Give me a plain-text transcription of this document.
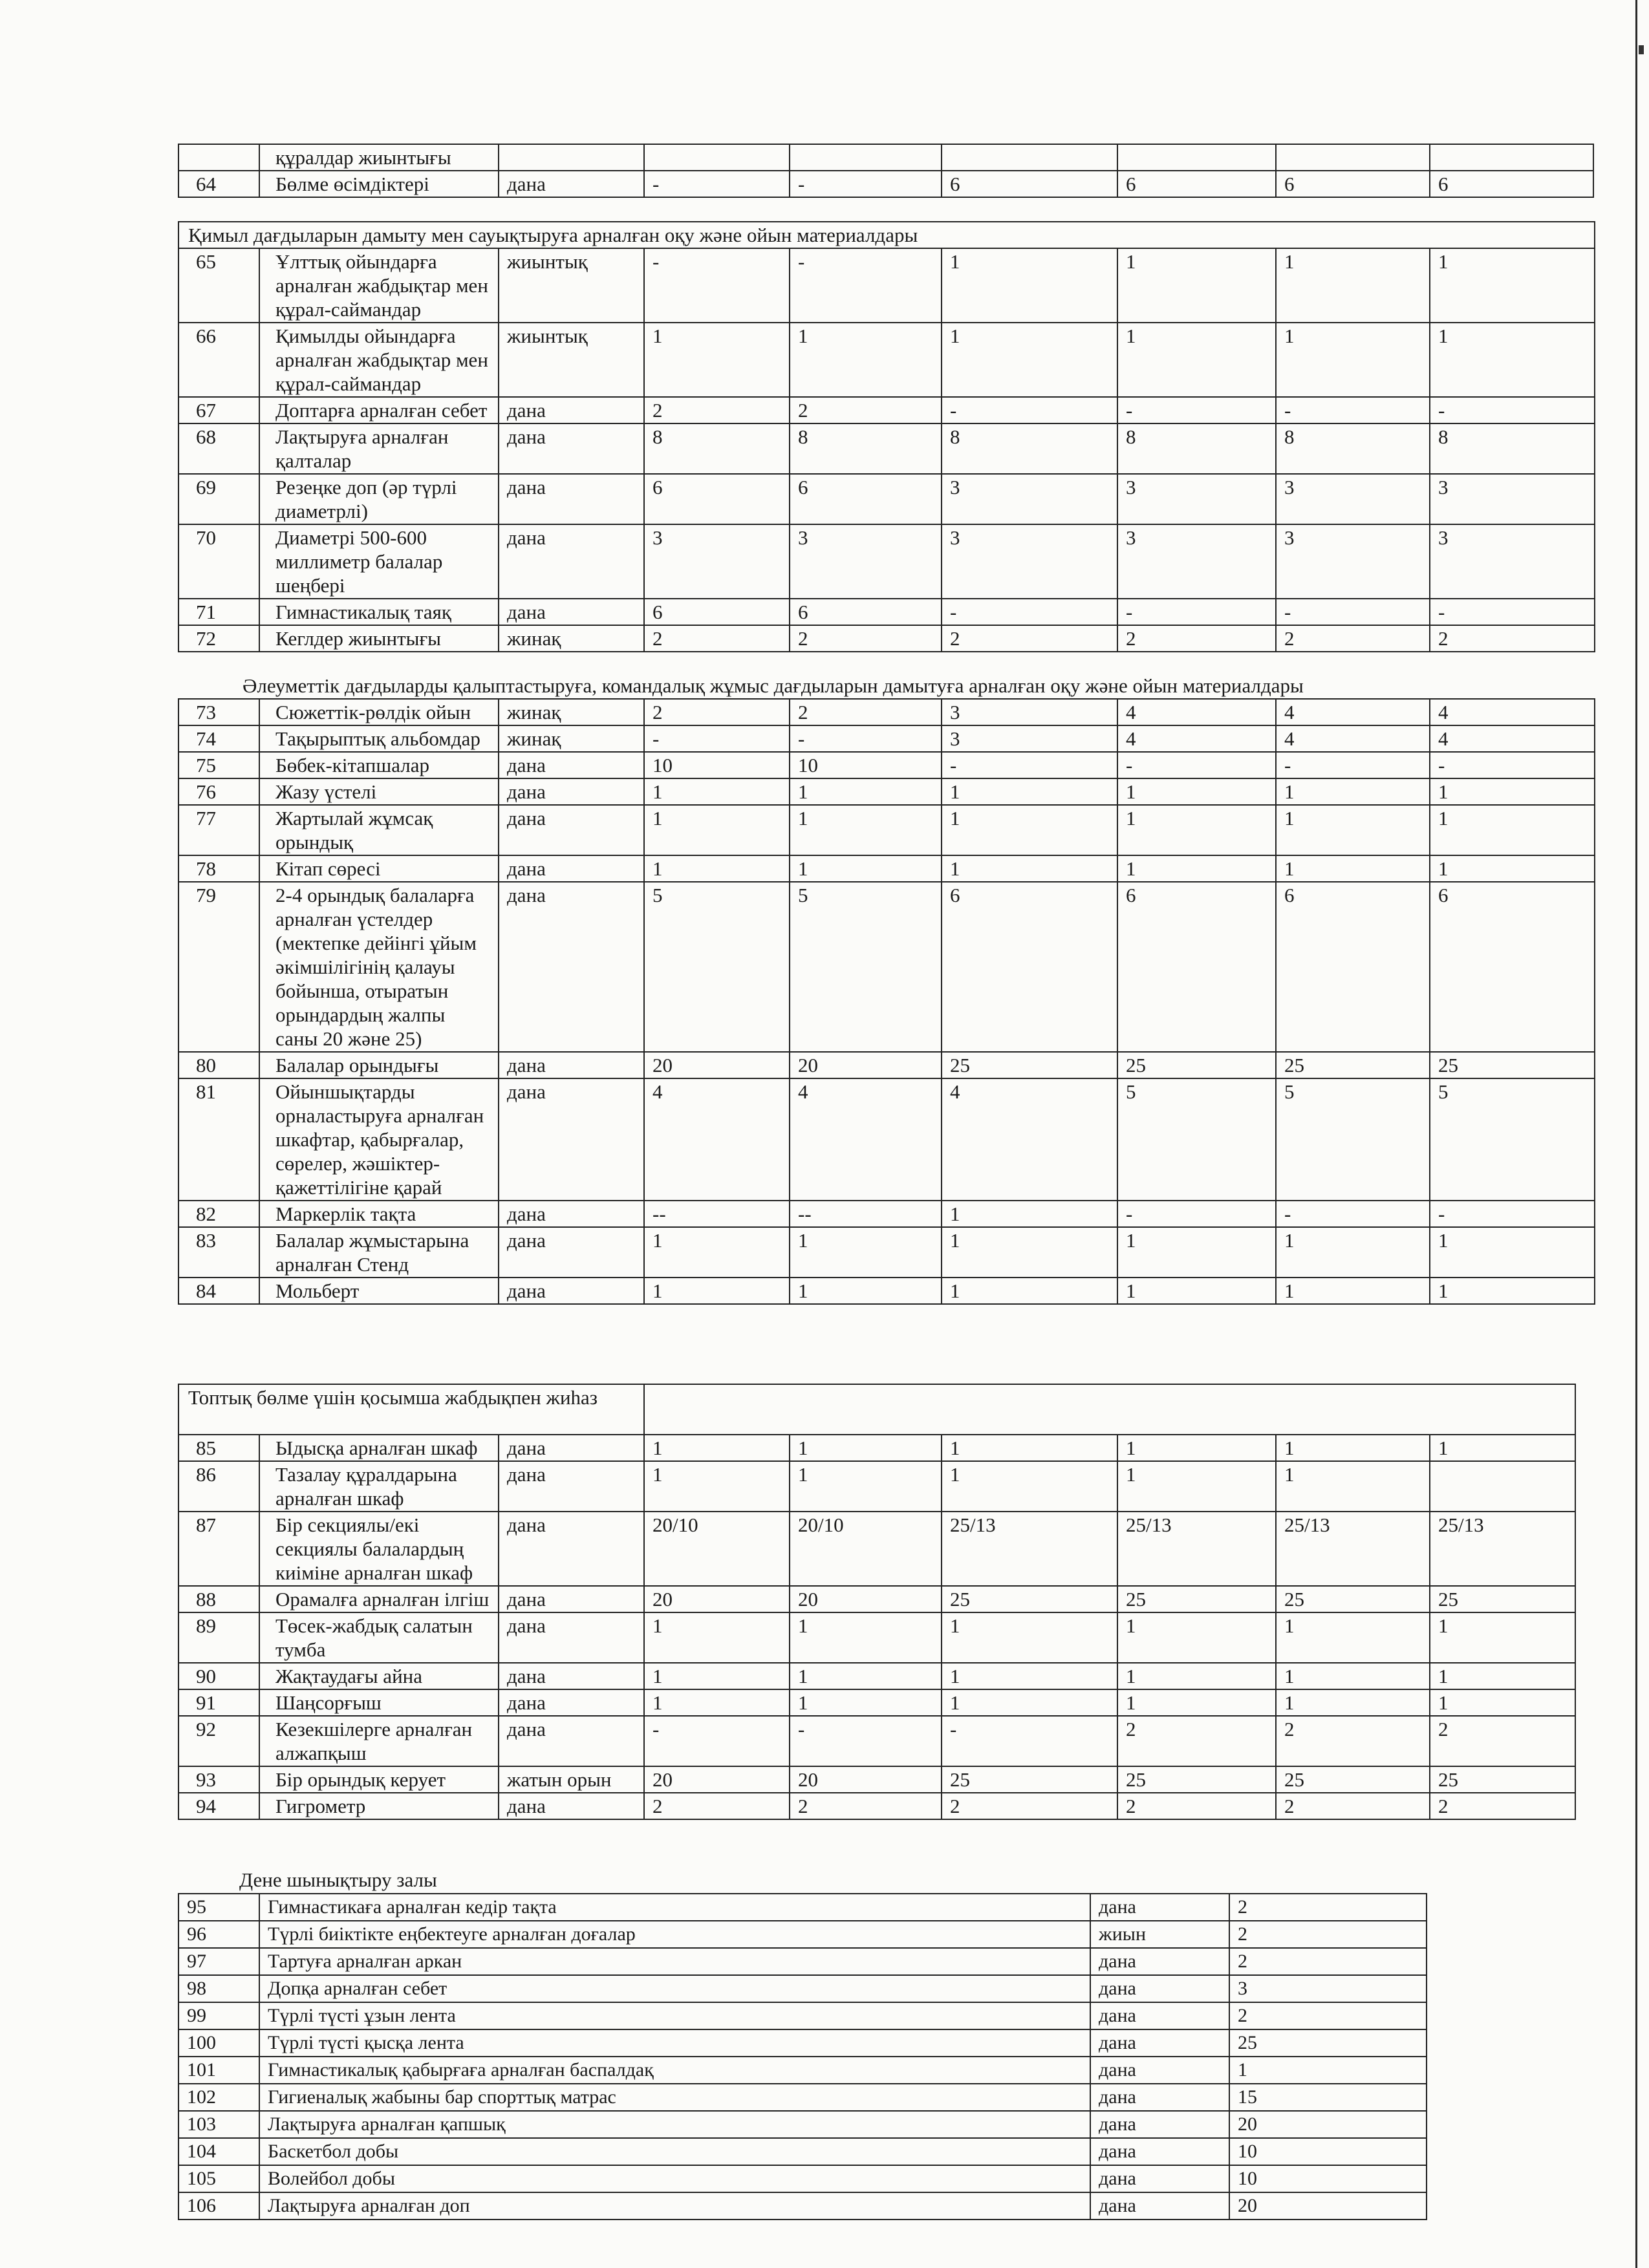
	құралдар жиынтығы							
64	Бөлме өсімдіктері	дана	-	-	6	6	6	6
Қимыл дағдыларын дамыту мен сауықтыруға арналған оқу және ойын материалдары								
65	Ұлттық ойындарға арналған жабдықтар мен құрал-саймандар	жиынтық	-	-	1	1	1	1
66	Қимылды ойындарға арналған жабдықтар мен құрал-саймандар	жиынтық	1	1	1	1	1	1
67	Доптарға арналған себет	дана	2	2	-	-	-	-
68	Лақтыруға арналған қалталар	дана	8	8	8	8	8	8
69	Резеңке доп (әр түрлі диаметрлі)	дана	6	6	3	3	3	3
70	Диаметрі 500-600 миллиметр балалар шеңбері	дана	3	3	3	3	3	3
71	Гимнастикалық таяқ	дана	6	6	-	-	-	-
72	Кеглдер жиынтығы	жинақ	2	2	2	2	2	2
Әлеуметтік дағдыларды қалыптастыруға, командалық жұмыс дағдыларын дамытуға арналған оқу және ойын материалдары
73	Сюжеттік-рөлдік ойын	жинақ	2	2	3	4	4	4
74	Тақырыптық альбомдар	жинақ	-	-	3	4	4	4
75	Бөбек-кітапшалар	дана	10	10	-	-	-	-
76	Жазу үстелі	дана	1	1	1	1	1	1
77	Жартылай жұмсақ орындық	дана	1	1	1	1	1	1
78	Кітап сөресі	дана	1	1	1	1	1	1
79	2-4 орындық балаларға арналған үстелдер (мектепке дейінгі ұйым әкімшілігінің қалауы бойынша, отыратын орындардың жалпы саны 20 және 25)	дана	5	5	6	6	6	6
80	Балалар орындығы	дана	20	20	25	25	25	25
81	Ойыншықтарды орналастыруға арналған шкафтар, қабырғалар, сөрелер, жәшіктер-қажеттілігіне қарай	дана	4	4	4	5	5	5
82	Маркерлік тақта	дана	--	--	1	-	-	-
83	Балалар жұмыстарына арналған Стенд	дана	1	1	1	1	1	1
84	Мольберт	дана	1	1	1	1	1	1
Топтық бөлме үшін қосымша жабдықпен жиһаз							

85	Ыдысқа арналған шкаф	дана	1	1	1	1	1	1
86	Тазалау құралдарына арналған шкаф	дана	1	1	1	1	1	
87	Бір секциялы/екі секциялы балалардың киіміне арналған шкаф	дана	20/10	20/10	25/13	25/13	25/13	25/13
88	Орамалға арналған ілгіш	дана	20	20	25	25	25	25
89	Төсек-жабдық салатын тумба	дана	1	1	1	1	1	1
90	Жақтаудағы айна	дана	1	1	1	1	1	1
91	Шаңсорғыш	дана	1	1	1	1	1	1
92	Кезекшілерге арналған алжапқыш	дана	-	-	-	2	2	2
93	Бір орындық керует	жатын орын	20	20	25	25	25	25
94	Гигрометр	дана	2	2	2	2	2	2
Дене шынықтыру залы
95	Гимнастикаға арналған кедір тақта	дана	2
96	Түрлі биіктікте еңбектеуге арналған доғалар	жиын	2
97	Тартуға арналған аркан	дана	2
98	Допқа арналған себет	дана	3
99	Түрлі түсті ұзын лента	дана	2
100	Түрлі түсті қысқа лента	дана	25
101	Гимнастикалық қабырғаға арналған баспалдақ	дана	1
102	Гигиеналық жабыны бар спорттық матрас	дана	15
103	Лақтыруға арналған қапшық	дана	20
104	Баскетбол добы	дана	10
105	Волейбол добы	дана	10
106	Лақтыруға арналған доп	дана	20
